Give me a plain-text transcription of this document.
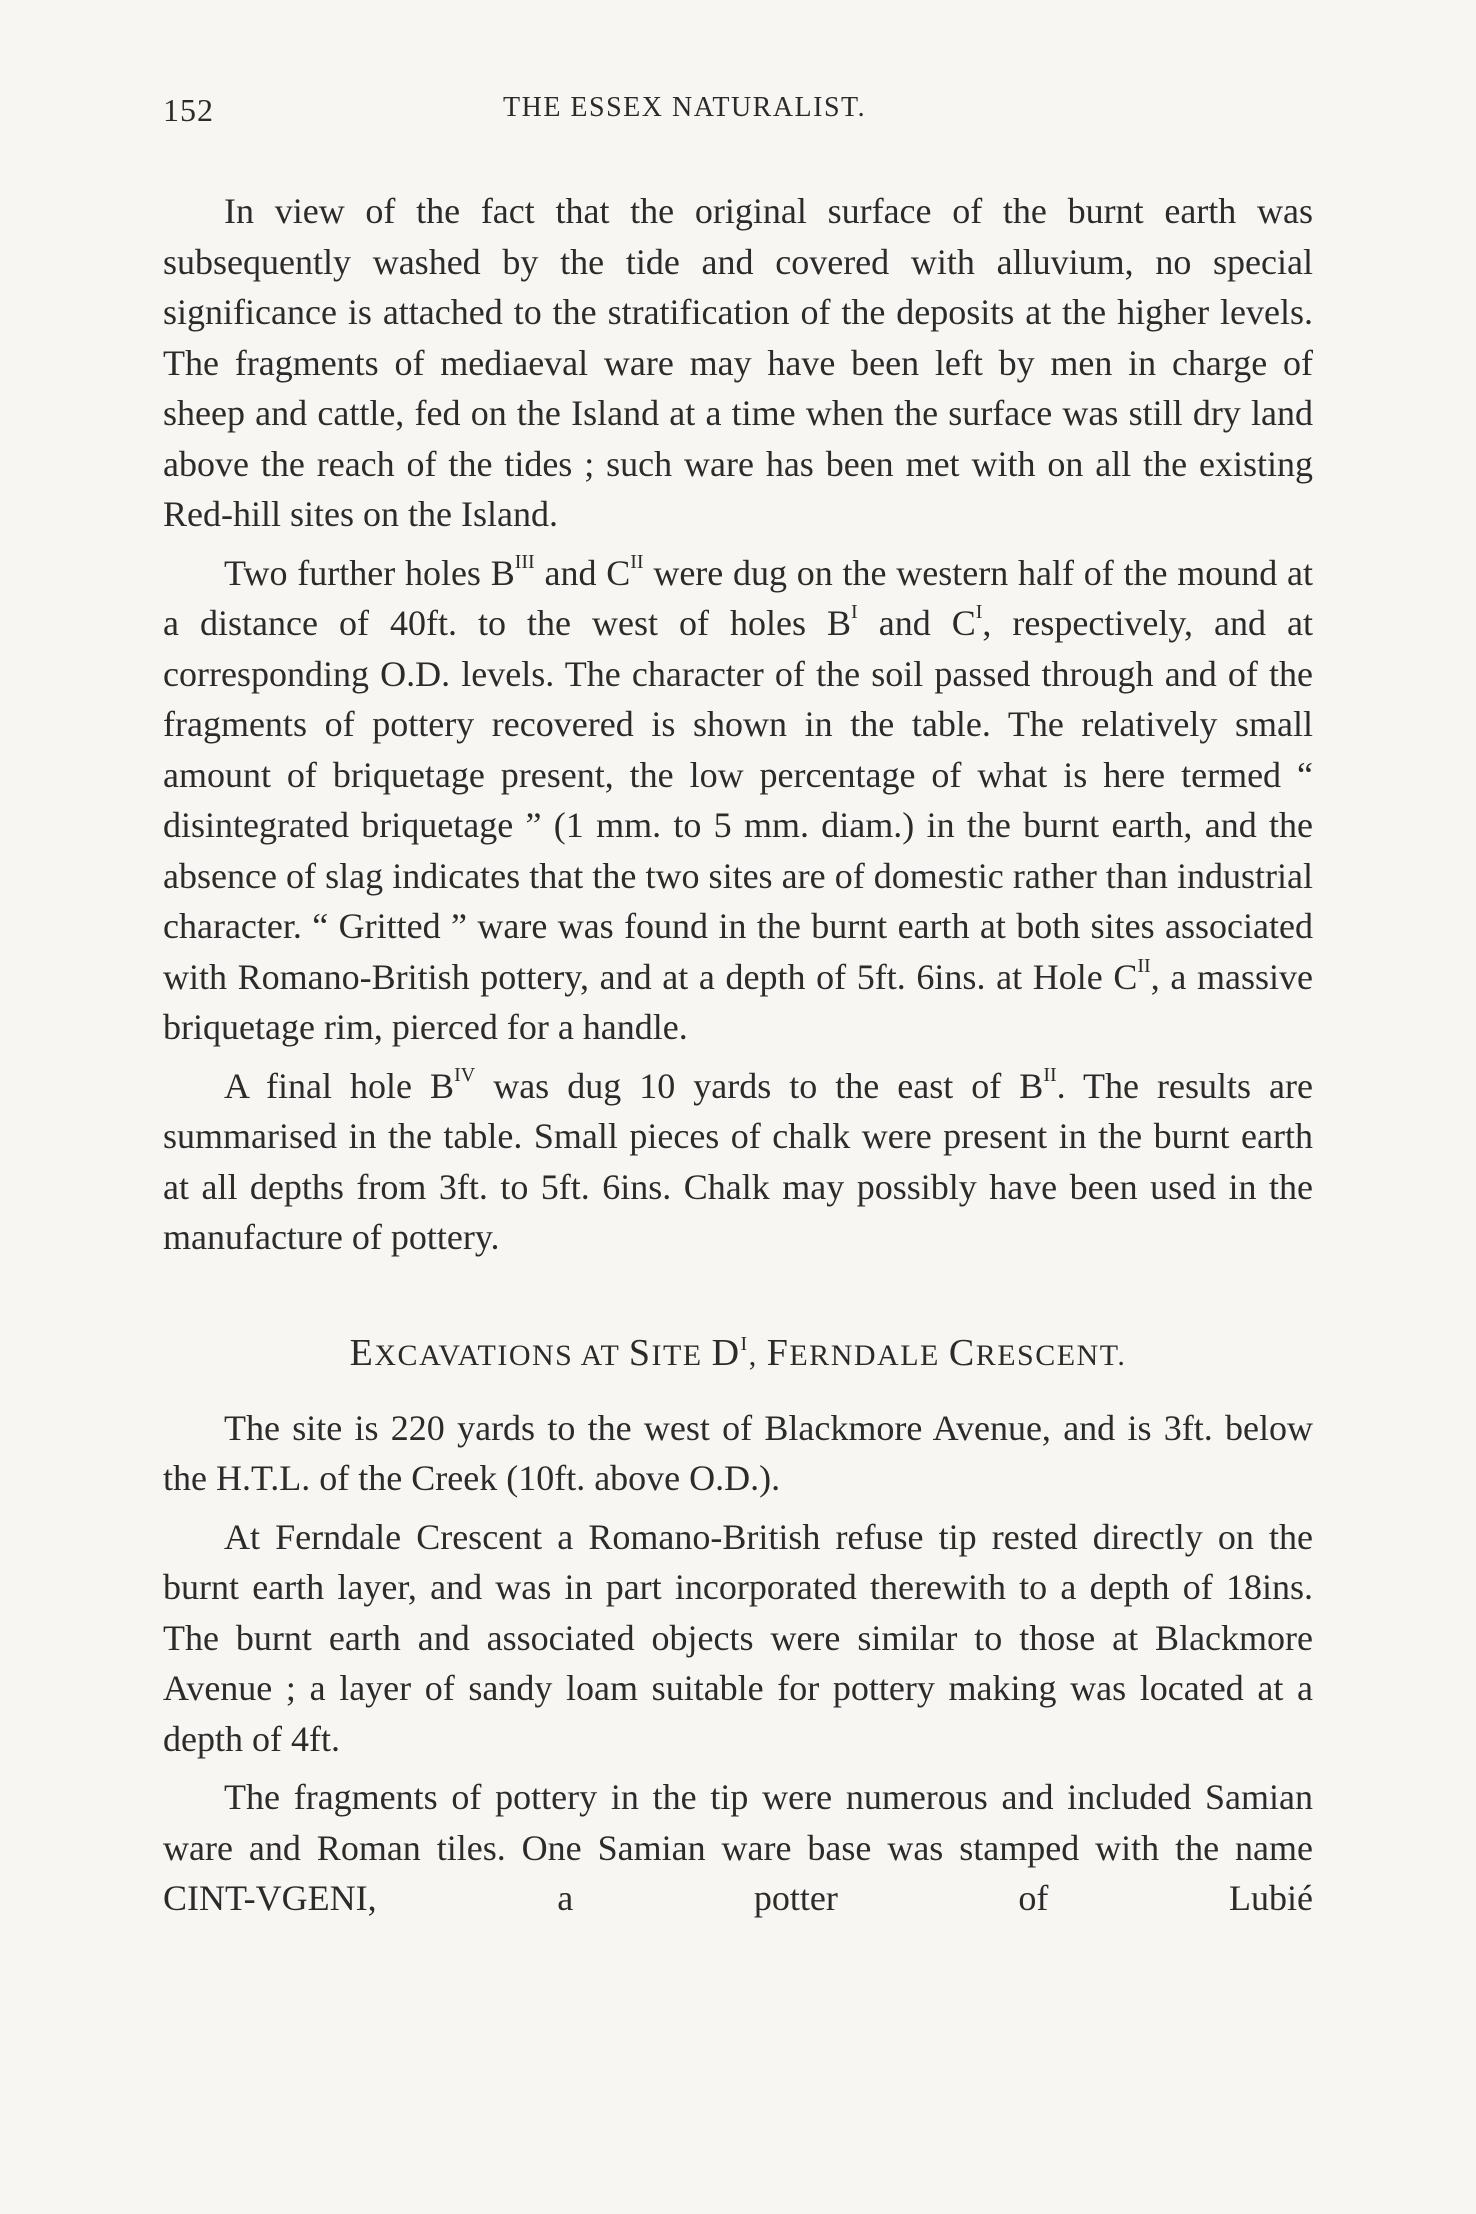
152	THE ESSEX NATURALIST.

In view of the fact that the original surface of the burnt earth was subsequently washed by the tide and covered with alluvium, no special significance is attached to the stratification of the deposits at the higher levels. The fragments of mediaeval ware may have been left by men in charge of sheep and cattle, fed on the Island at a time when the surface was still dry land above the reach of the tides ; such ware has been met with on all the existing Red-hill sites on the Island.

Two further holes $B^{III}$ and $C^{II}$ were dug on the western half of the mound at a distance of 40ft. to the west of holes $B^I$ and $C^I$, respectively, and at corresponding O.D. levels. The character of the soil passed through and of the fragments of pottery recovered is shown in the table. The relatively small amount of briquetage present, the low percentage of what is here termed “ disintegrated briquetage ” (1 mm. to 5 mm. diam.) in the burnt earth, and the absence of slag indicates that the two sites are of domestic rather than industrial character. “ Gritted ” ware was found in the burnt earth at both sites associated with Romano-British pottery, and at a depth of 5ft. 6ins. at Hole $C^{II}$, a massive briquetage rim, pierced for a handle.

A final hole $B^{IV}$ was dug 10 yards to the east of $B^{II}$. The results are summarised in the table. Small pieces of chalk were present in the burnt earth at all depths from 3ft. to 5ft. 6ins. Chalk may possibly have been used in the manufacture of pottery.

EXCAVATIONS AT SITE $D^I$, FERNDALE CRESCENT.

The site is 220 yards to the west of Blackmore Avenue, and is 3ft. below the H.T.L. of the Creek (10ft. above O.D.).

At Ferndale Crescent a Romano-British refuse tip rested directly on the burnt earth layer, and was in part incorporated therewith to a depth of 18ins. The burnt earth and associated objects were similar to those at Blackmore Avenue ; a layer of sandy loam suitable for pottery making was located at a depth of 4ft.

The fragments of pottery in the tip were numerous and included Samian ware and Roman tiles. One Samian ware base was stamped with the name CINT-VGENI, a potter of Lubié
